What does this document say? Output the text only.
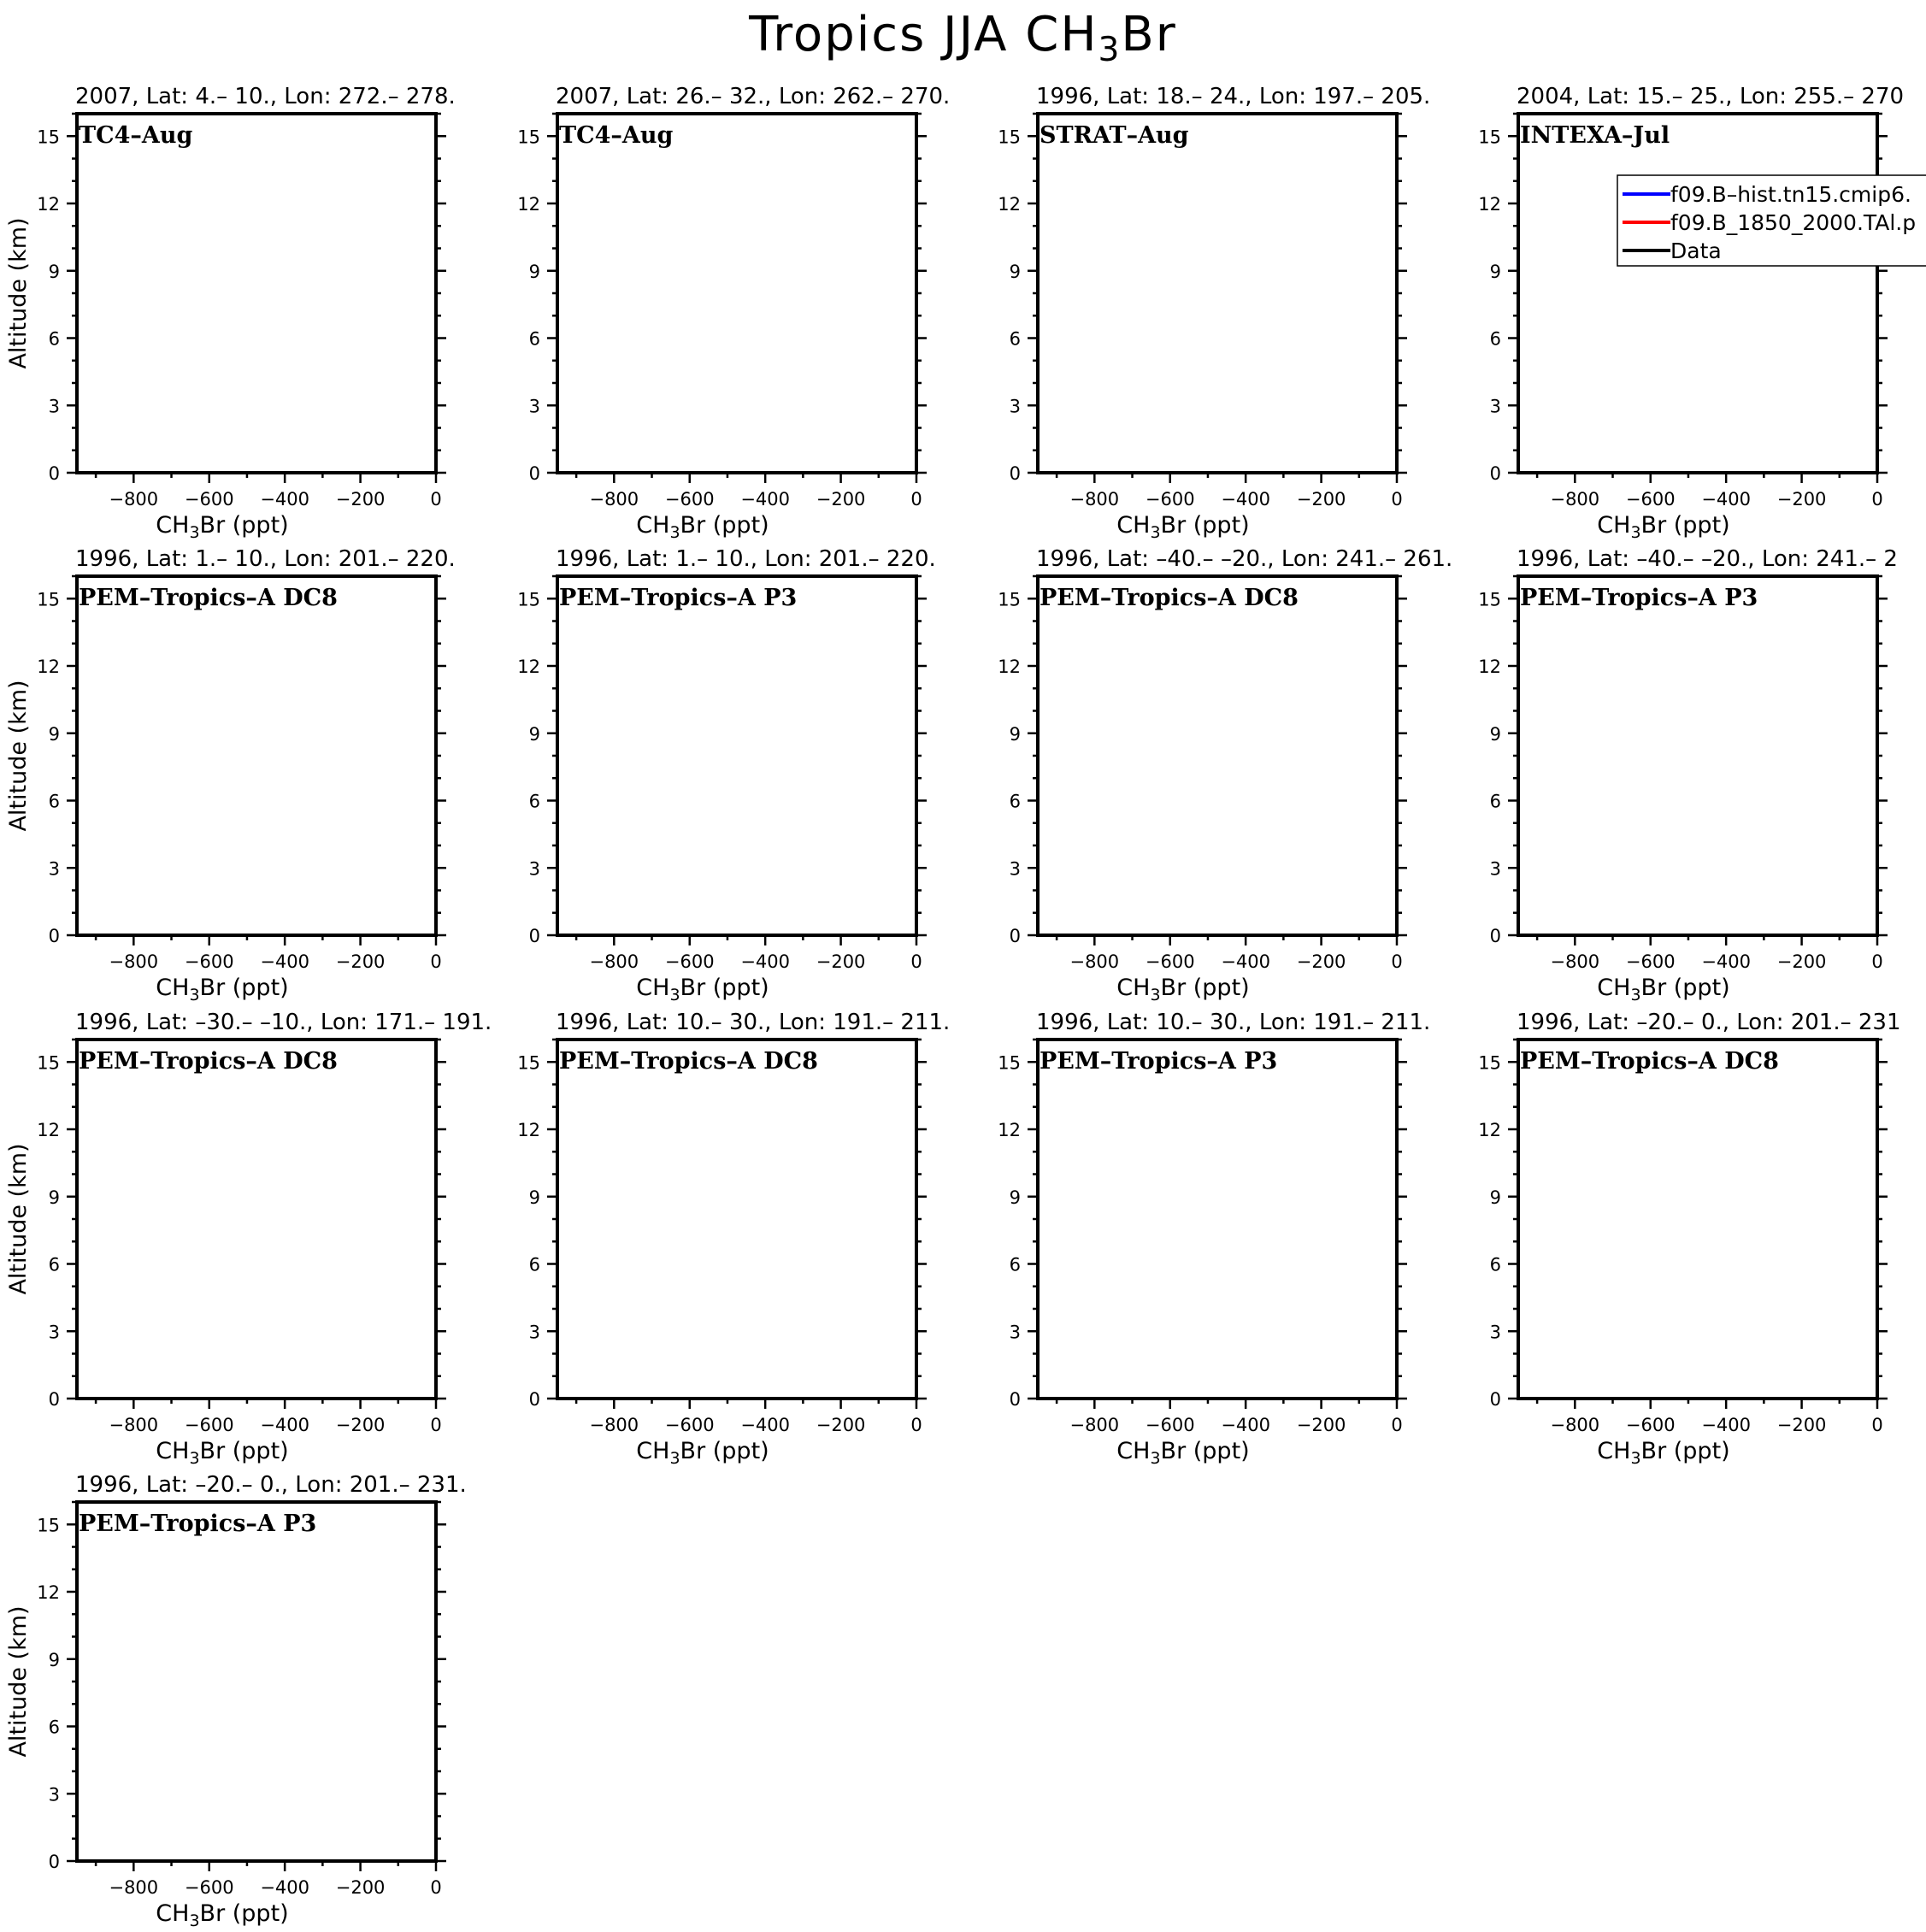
Tropics JJA $CH_3Br$
2007, Lat: 4.– 10., Lon: 272.– 278.
0
3
6
9
12
15
−800 −600 −400 −200	0
$CH_3Br$ (ppt)
Altitude (km)
TC4–Aug
2007, Lat: 26.– 32., Lon: 262.– 270.
0
3
6
9
12
15
−800 −600 −400 −200	0
$CH_3Br$ (ppt)
TC4–Aug
1996, Lat: 18.– 24., Lon: 197.– 205.
0
3
6
9
12
15
−800 −600 −400 −200	0
$CH_3Br$ (ppt)
STRAT–Aug
2004, Lat: 15.– 25., Lon: 255.– 270
0
3
6
9
12
15
−800 −600 −400 −200	0
$CH_3Br$ (ppt)
INTEXA–Jul
f09.B–hist.tn15.cmip6.
f09.B_1850_2000.TAl.p
Data
1996, Lat: 1.– 10., Lon: 201.– 220.
0
3
6
9
12
15
−800 −600 −400 −200	0
$CH_3Br$ (ppt)
Altitude (km)
PEM–Tropics–A DC8
1996, Lat: 1.– 10., Lon: 201.– 220.
0
3
6
9
12
15
−800 −600 −400 −200	0
$CH_3Br$ (ppt)
PEM–Tropics–A P3
1996, Lat: –40.– –20., Lon: 241.– 261.
0
3
6
9
12
15
−800 −600 −400 −200	0
$CH_3Br$ (ppt)
PEM–Tropics–A DC8
1996, Lat: –40.– –20., Lon: 241.– 2
0
3
6
9
12
15
−800 −600 −400 −200	0
$CH_3Br$ (ppt)
PEM–Tropics–A P3
1996, Lat: –30.– –10., Lon: 171.– 191.
0
3
6
9
12
15
−800 −600 −400 −200	0
$CH_3Br$ (ppt)
Altitude (km)
PEM–Tropics–A DC8
1996, Lat: 10.– 30., Lon: 191.– 211.
0
3
6
9
12
15
−800 −600 −400 −200	0
$CH_3Br$ (ppt)
PEM–Tropics–A DC8
1996, Lat: 10.– 30., Lon: 191.– 211.
0
3
6
9
12
15
−800 −600 −400 −200	0
$CH_3Br$ (ppt)
PEM–Tropics–A P3
1996, Lat: –20.– 0., Lon: 201.– 231
0
3
6
9
12
15
−800 −600 −400 −200	0
$CH_3Br$ (ppt)
PEM–Tropics–A DC8
1996, Lat: –20.– 0., Lon: 201.– 231.
0
3
6
9
12
15
−800 −600 −400 −200	0
$CH_3Br$ (ppt)
Altitude (km)
PEM–Tropics–A P3
